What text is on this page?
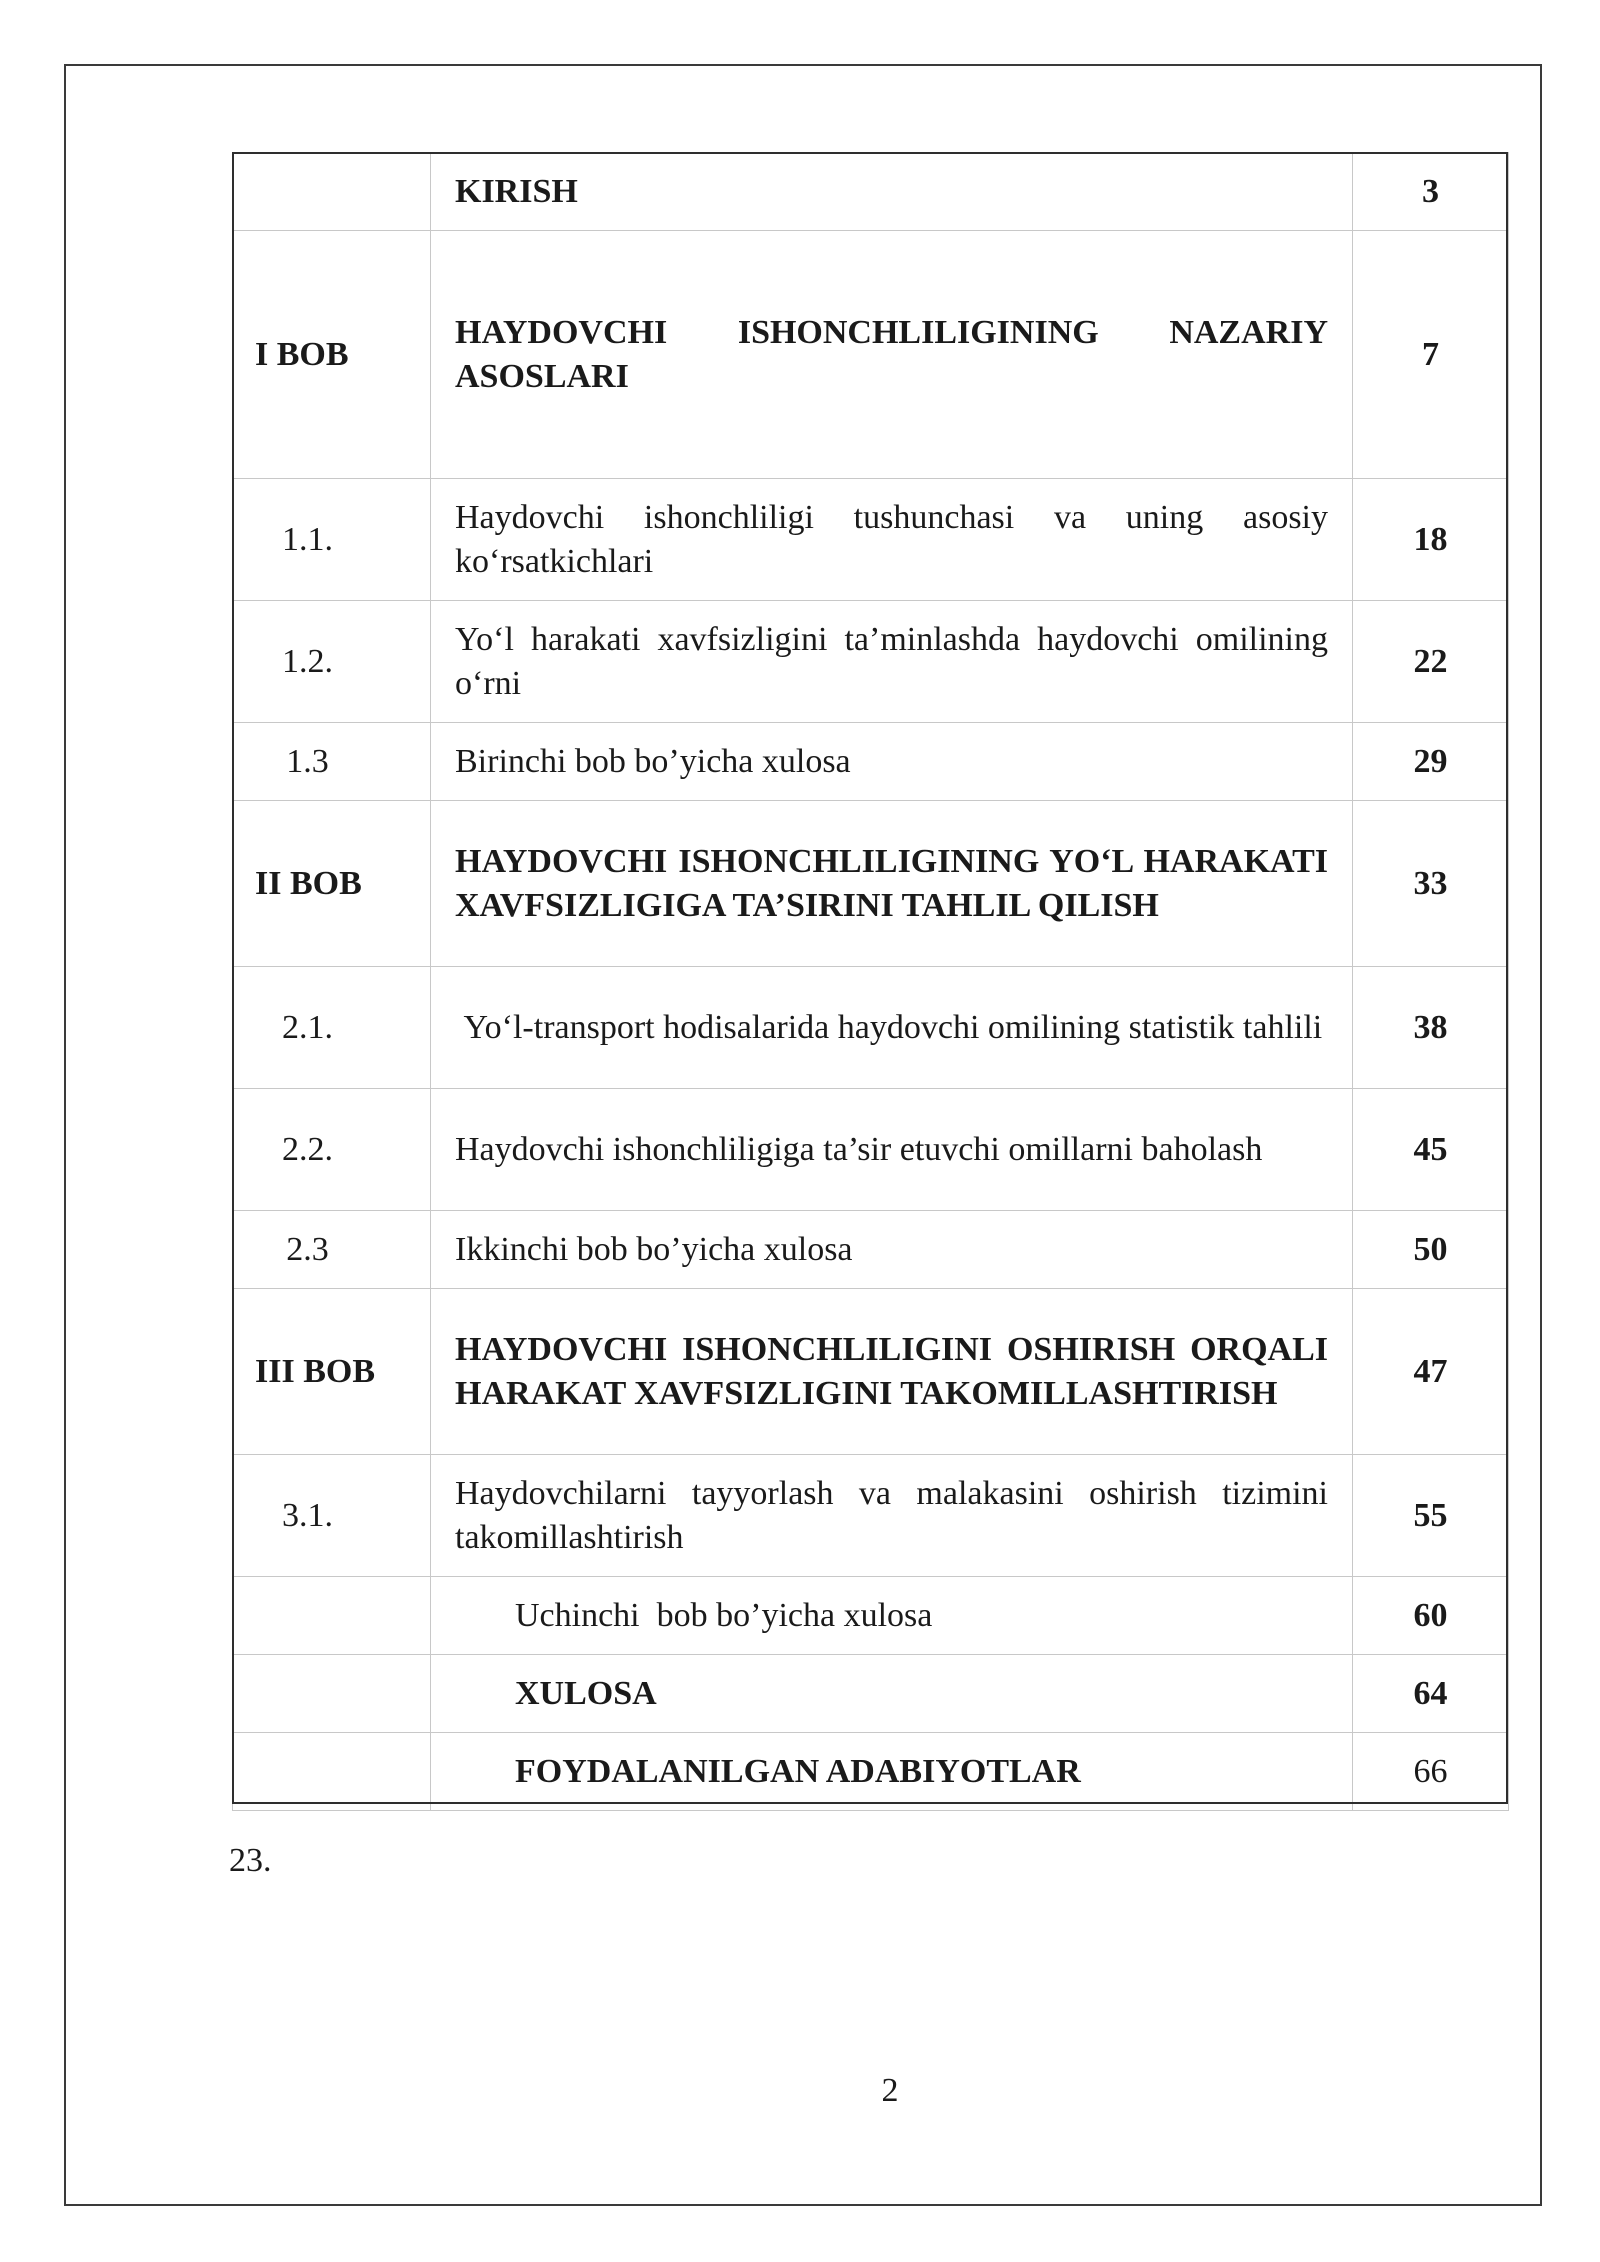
	KIRISH	3
I BOB	HAYDOVCHI ISHONCHLILIGINING NAZARIY ASOSLARI	7
1.1.	Haydovchi ishonchliligi tushunchasi va uning asosiy ko‘rsatkichlari	18
1.2.	Yo‘l harakati xavfsizligini ta’minlashda haydovchi omilining o‘rni	22
1.3	Birinchi bob bo’yicha xulosa	29
II BOB	HAYDOVCHI ISHONCHLILIGINING YO‘L HARAKATI XAVFSIZLIGIGA TA’SIRINI TAHLIL QILISH	33
2.1.	Yo‘l-transport hodisalarida haydovchi omilining statistik tahlili	38
2.2.	Haydovchi ishonchliligiga ta’sir etuvchi omillarni baholash	45
2.3	Ikkinchi bob bo’yicha xulosa	50
III BOB	HAYDOVCHI ISHONCHLILIGINI OSHIRISH ORQALI HARAKAT XAVFSIZLIGINI TAKOMILLASHTIRISH	47
3.1.	Haydovchilarni tayyorlash va malakasini oshirish tizimini takomillashtirish	55
	Uchinchi  bob bo’yicha xulosa	60
	XULOSA	64
	FOYDALANILGAN ADABIYOTLAR	66
23.
2
